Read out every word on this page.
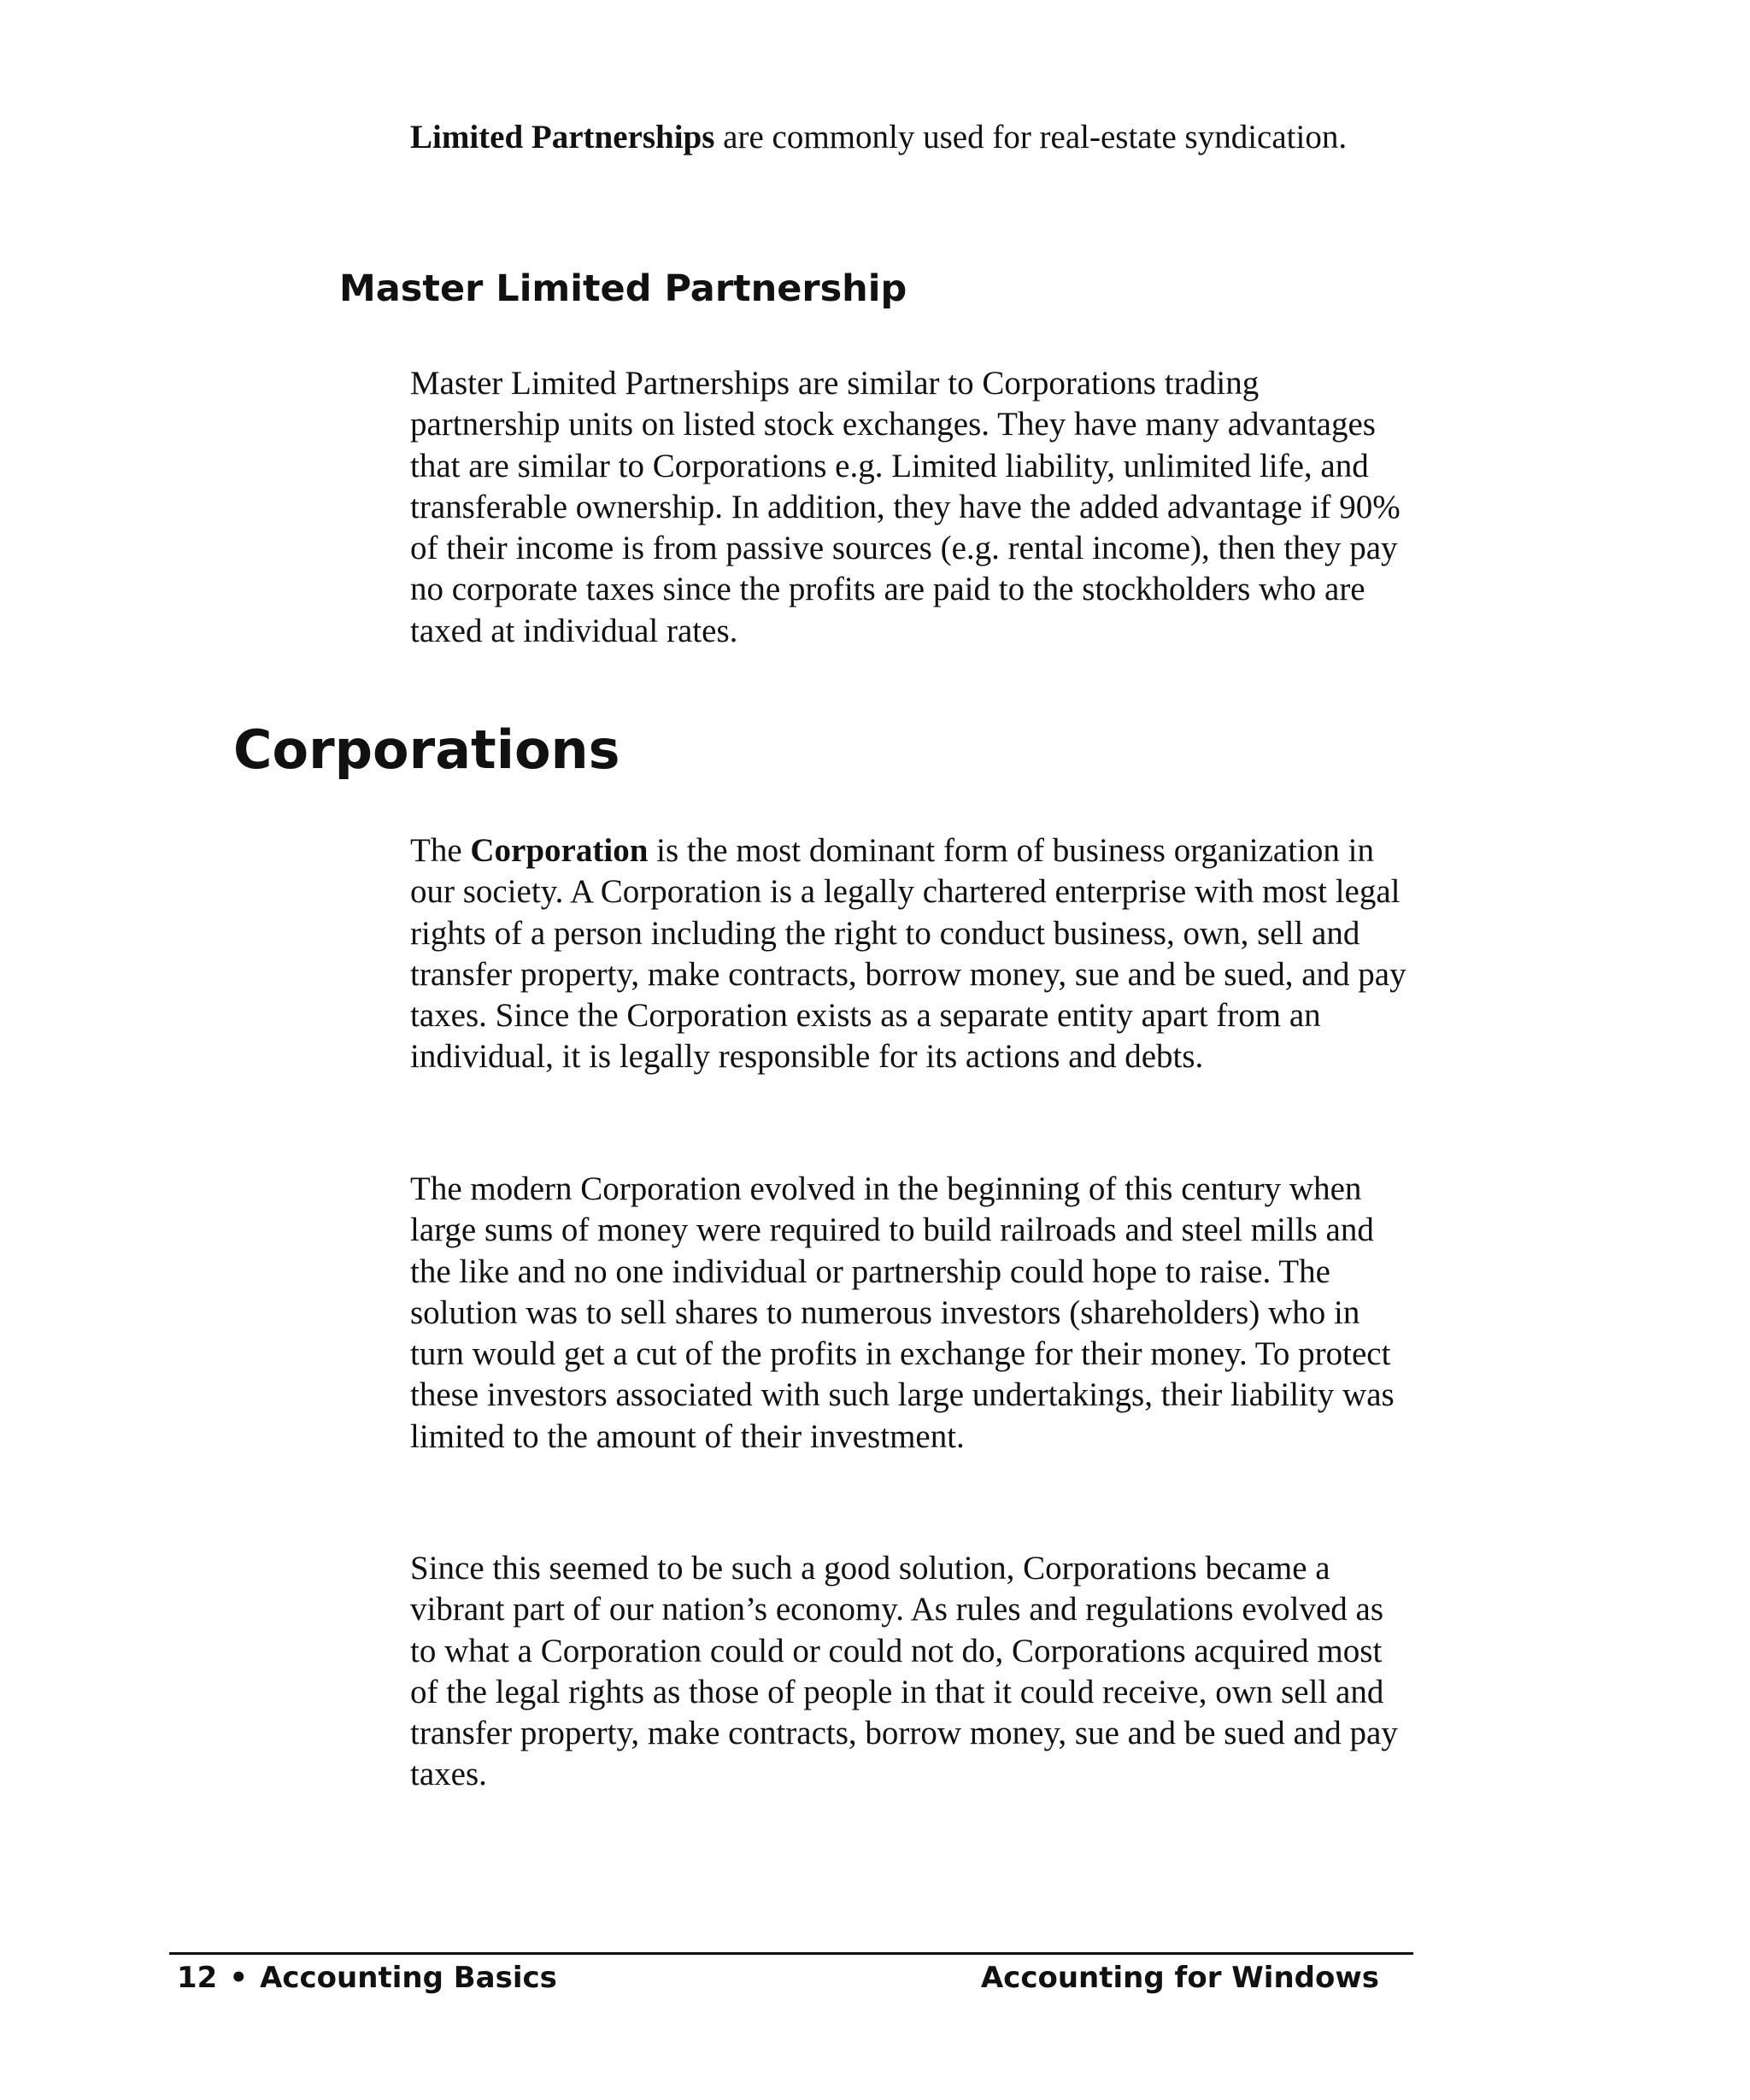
Limited Partnerships are commonly used for real-estate syndication.

Master Limited Partnership

Master Limited Partnerships are similar to Corporations trading partnership units on listed stock exchanges. They have many advantages that are similar to Corporations e.g. Limited liability, unlimited life, and transferable ownership. In addition, they have the added advantage if 90% of their income is from passive sources (e.g. rental income), then they pay no corporate taxes since the profits are paid to the stockholders who are taxed at individual rates.

Corporations

The Corporation is the most dominant form of business organization in our society. A Corporation is a legally chartered enterprise with most legal rights of a person including the right to conduct business, own, sell and transfer property, make contracts, borrow money, sue and be sued, and pay taxes. Since the Corporation exists as a separate entity apart from an individual, it is legally responsible for its actions and debts.

The modern Corporation evolved in the beginning of this century when large sums of money were required to build railroads and steel mills and the like and no one individual or partnership could hope to raise. The solution was to sell shares to numerous investors (shareholders) who in turn would get a cut of the profits in exchange for their money. To protect these investors associated with such large undertakings, their liability was limited to the amount of their investment.

Since this seemed to be such a good solution, Corporations became a vibrant part of our nation’s economy. As rules and regulations evolved as to what a Corporation could or could not do, Corporations acquired most of the legal rights as those of people in that it could receive, own sell and transfer property, make contracts, borrow money, sue and be sued and pay taxes.

12 • Accounting Basics	Accounting for Windows
